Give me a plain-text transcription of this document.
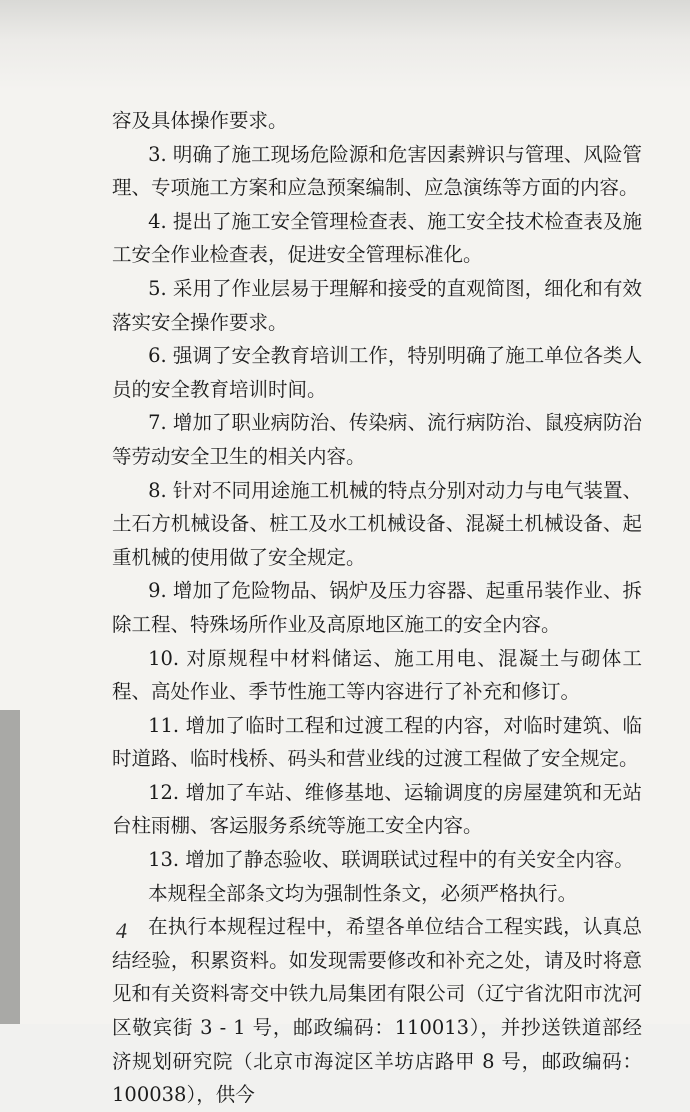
容及具体操作要求。

3. 明确了施工现场危险源和危害因素辨识与管理、风险管理、专项施工方案和应急预案编制、应急演练等方面的内容。

4. 提出了施工安全管理检查表、施工安全技术检查表及施工安全作业检查表，促进安全管理标准化。

5. 采用了作业层易于理解和接受的直观简图，细化和有效落实安全操作要求。

6. 强调了安全教育培训工作，特别明确了施工单位各类人员的安全教育培训时间。

7. 增加了职业病防治、传染病、流行病防治、鼠疫病防治等劳动安全卫生的相关内容。

8. 针对不同用途施工机械的特点分别对动力与电气装置、土石方机械设备、桩工及水工机械设备、混凝土机械设备、起重机械的使用做了安全规定。

9. 增加了危险物品、锅炉及压力容器、起重吊装作业、拆除工程、特殊场所作业及高原地区施工的安全内容。

10. 对原规程中材料储运、施工用电、混凝土与砌体工程、高处作业、季节性施工等内容进行了补充和修订。

11. 增加了临时工程和过渡工程的内容，对临时建筑、临时道路、临时栈桥、码头和营业线的过渡工程做了安全规定。

12. 增加了车站、维修基地、运输调度的房屋建筑和无站台柱雨棚、客运服务系统等施工安全内容。

13. 增加了静态验收、联调联试过程中的有关安全内容。

本规程全部条文均为强制性条文，必须严格执行。

在执行本规程过程中，希望各单位结合工程实践，认真总结经验，积累资料。如发现需要修改和补充之处，请及时将意见和有关资料寄交中铁九局集团有限公司（辽宁省沈阳市沈河区敬宾街 3 - 1 号，邮政编码：110013），并抄送铁道部经济规划研究院（北京市海淀区羊坊店路甲 8 号，邮政编码：100038），供今

4
